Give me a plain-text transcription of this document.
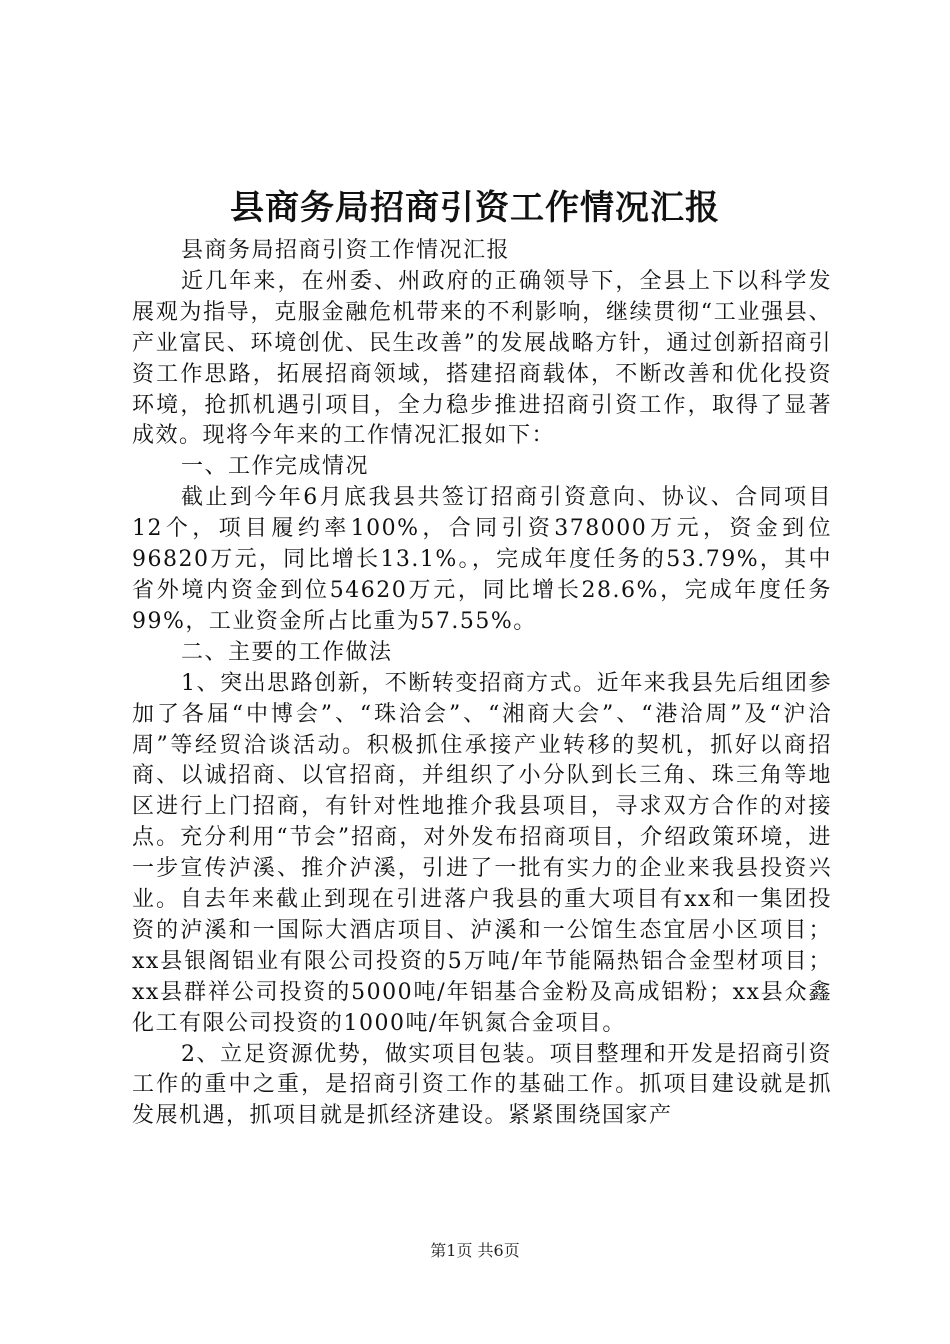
县商务局招商引资工作情况汇报

县商务局招商引资工作情况汇报

近几年来，在州委、州政府的正确领导下，全县上下以科学发展观为指导，克服金融危机带来的不利影响，继续贯彻“工业强县、产业富民、环境创优、民生改善”的发展战略方针，通过创新招商引资工作思路，拓展招商领域，搭建招商载体，不断改善和优化投资环境，抢抓机遇引项目，全力稳步推进招商引资工作，取得了显著成效。现将今年来的工作情况汇报如下：

一、工作完成情况

截止到今年6月底我县共签订招商引资意向、协议、合同项目12个，项目履约率100%，合同引资378000万元，资金到位96820万元，同比增长13.1%。，完成年度任务的53.79%，其中省外境内资金到位54620万元，同比增长28.6%，完成年度任务99%，工业资金所占比重为57.55%。

二、主要的工作做法

1、突出思路创新，不断转变招商方式。近年来我县先后组团参加了各届“中博会”、“珠洽会”、“湘商大会”、“港洽周”及“沪洽周”等经贸洽谈活动。积极抓住承接产业转移的契机，抓好以商招商、以诚招商、以官招商，并组织了小分队到长三角、珠三角等地区进行上门招商，有针对性地推介我县项目，寻求双方合作的对接点。充分利用“节会”招商，对外发布招商项目，介绍政策环境，进一步宣传泸溪、推介泸溪，引进了一批有实力的企业来我县投资兴业。自去年来截止到现在引进落户我县的重大项目有xx和一集团投资的泸溪和一国际大酒店项目、泸溪和一公馆生态宜居小区项目；xx县银阁铝业有限公司投资的5万吨/年节能隔热铝合金型材项目；xx县群祥公司投资的5000吨/年铝基合金粉及高成铝粉；xx县众鑫化工有限公司投资的1000吨/年钒氮合金项目。

2、立足资源优势，做实项目包装。项目整理和开发是招商引资工作的重中之重，是招商引资工作的基础工作。抓项目建设就是抓发展机遇，抓项目就是抓经济建设。紧紧围绕国家产

第1页 共6页
